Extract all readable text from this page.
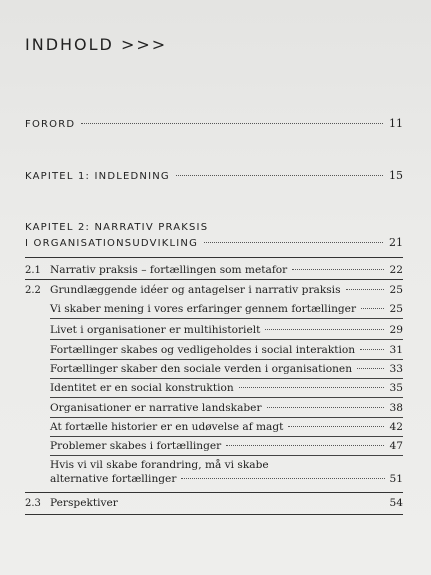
INDHOLD >>>
FORORD	11
KAPITEL 1: INDLEDNING	15
KAPITEL 2: NARRATIV PRAKSIS
I ORGANISATIONSUDVIKLING	21
2.1 Narrativ praksis – fortællingen som metafor	22
2.2 Grundlæggende idéer og antagelser i narrativ praksis	25
Vi skaber mening i vores erfaringer gennem fortællinger	25
Livet i organisationer er multihistorielt	29
Fortællinger skabes og vedligeholdes i social interaktion	31
Fortællinger skaber den sociale verden i organisationen	33
Identitet er en social konstruktion	35
Organisationer er narrative landskaber	38
At fortælle historier er en udøvelse af magt	42
Problemer skabes i fortællinger	47
Hvis vi vil skabe forandring, må vi skabe
alternative fortællinger	51
2.3 Perspektiver	54
